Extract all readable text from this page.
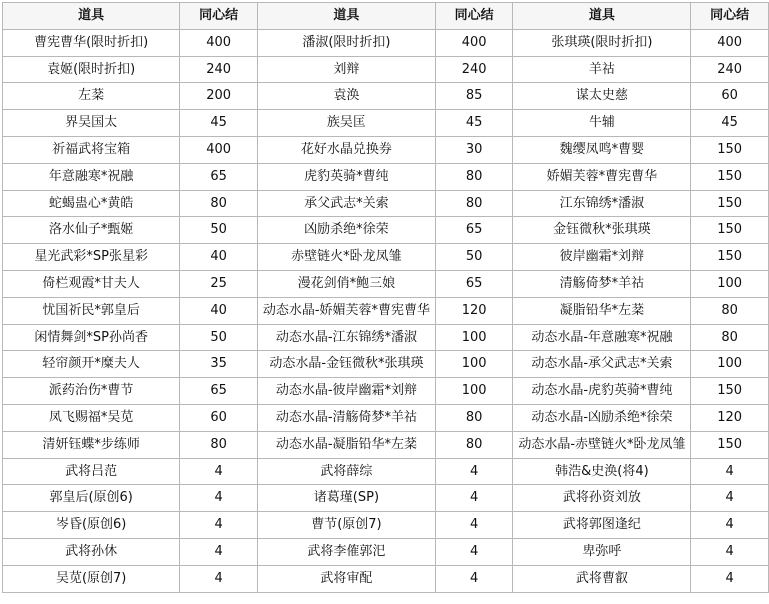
道具	同心结	道具	同心结	道具	同心结
曹宪曹华(限时折扣)	400	潘淑(限时折扣)	400	张琪瑛(限时折扣)	400
袁姬(限时折扣)	240	刘辩	240	羊祜	240
左棻	200	袁涣	85	谋太史慈	60
界吴国太	45	族吴匡	45	牛辅	45
祈福武将宝箱	400	花好水晶兑换券	30	魏缨凤鸣*曹婴	150
年意融寒*祝融	65	虎豹英骑*曹纯	80	娇媚芙蓉*曹宪曹华	150
蛇蝎蛊心*黄皓	80	承父武志*关索	80	江东锦绣*潘淑	150
洛水仙子*甄姬	50	凶励杀绝*徐荣	65	金钰微秋*张琪瑛	150
星光武彩*SP张星彩	40	赤壁链火*卧龙凤雏	50	彼岸幽霜*刘辩	150
倚栏观霞*甘夫人	25	漫花剑俏*鲍三娘	65	清觞倚梦*羊祜	100
忧国祈民*郭皇后	40	动态水晶-娇媚芙蓉*曹宪曹华	120	凝脂铅华*左棻	80
闲情舞剑*SP孙尚香	50	动态水晶-江东锦绣*潘淑	100	动态水晶-年意融寒*祝融	80
轻帘颜开*糜夫人	35	动态水晶-金钰微秋*张琪瑛	100	动态水晶-承父武志*关索	100
派药治伤*曹节	65	动态水晶-彼岸幽霜*刘辩	100	动态水晶-虎豹英骑*曹纯	150
凤飞赐福*吴苋	60	动态水晶-清觞倚梦*羊祜	80	动态水晶-凶励杀绝*徐荣	120
清妍钰蝶*步练师	80	动态水晶-凝脂铅华*左棻	80	动态水晶-赤壁链火*卧龙凤雏	150
武将吕范	4	武将薛综	4	韩浩&史涣(将4)	4
郭皇后(原创6)	4	诸葛瑾(SP)	4	武将孙资刘放	4
岑昏(原创6)	4	曹节(原创7)	4	武将郭图逢纪	4
武将孙休	4	武将李傕郭汜	4	卑弥呼	4
吴苋(原创7)	4	武将审配	4	武将曹叡	4
